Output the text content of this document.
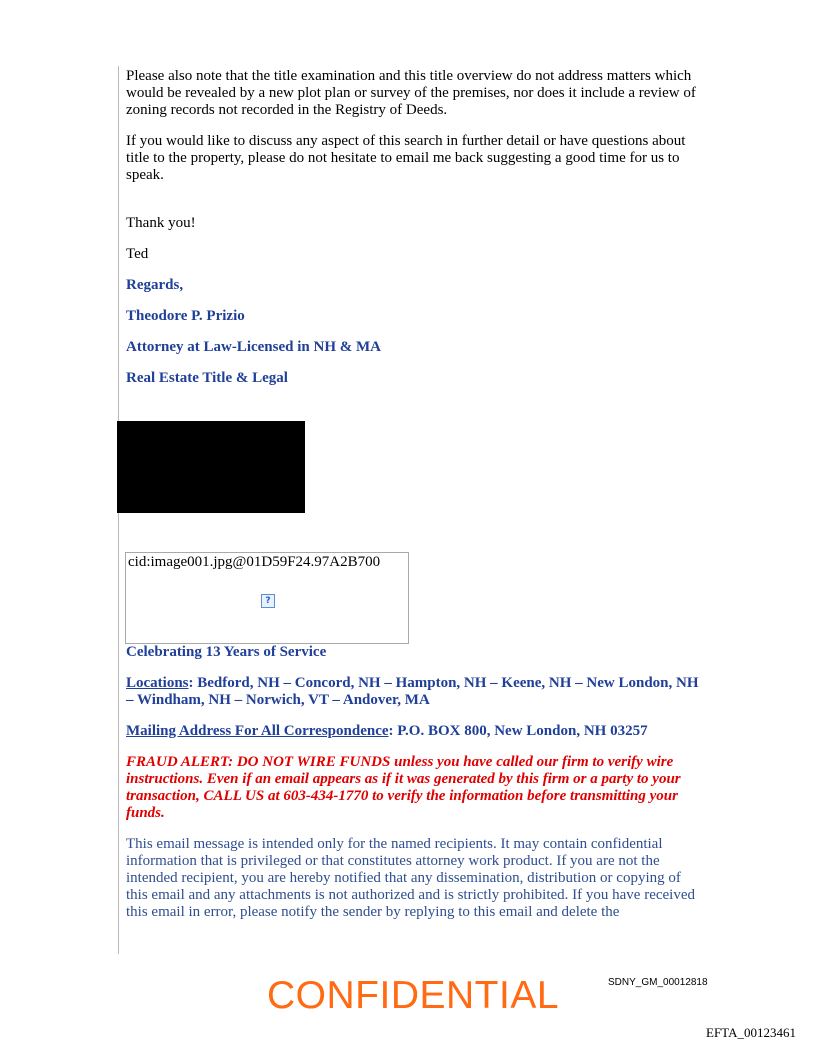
Please also note that the title examination and this title overview do not address matters which would be revealed by a new plot plan or survey of the premises, nor does it include a review of zoning records not recorded in the Registry of Deeds.

If you would like to discuss any aspect of this search in further detail or have questions about title to the property, please do not hesitate to email me back suggesting a good time for us to speak.

Thank you!

Ted

Regards,

Theodore P. Prizio

Attorney at Law-Licensed in NH & MA

Real Estate Title & Legal

Celebrating 13 Years of Service

Locations: Bedford, NH – Concord, NH – Hampton, NH – Keene, NH – New London, NH – Windham, NH – Norwich, VT – Andover, MA

Mailing Address For All Correspondence: P.O. BOX 800, New London, NH 03257

FRAUD ALERT: DO NOT WIRE FUNDS unless you have called our firm to verify wire instructions. Even if an email appears as if it was generated by this firm or a party to your transaction, CALL US at 603-434-1770 to verify the information before transmitting your funds.

This email message is intended only for the named recipients. It may contain confidential information that is privileged or that constitutes attorney work product. If you are not the intended recipient, you are hereby notified that any dissemination, distribution or copying of this email and any attachments is not authorized and is strictly prohibited. If you have received this email in error, please notify the sender by replying to this email and delete the

cid:image001.jpg@01D59F24.97A2B700
?
CONFIDENTIAL	SDNY_GM_00012818
EFTA_00123461
